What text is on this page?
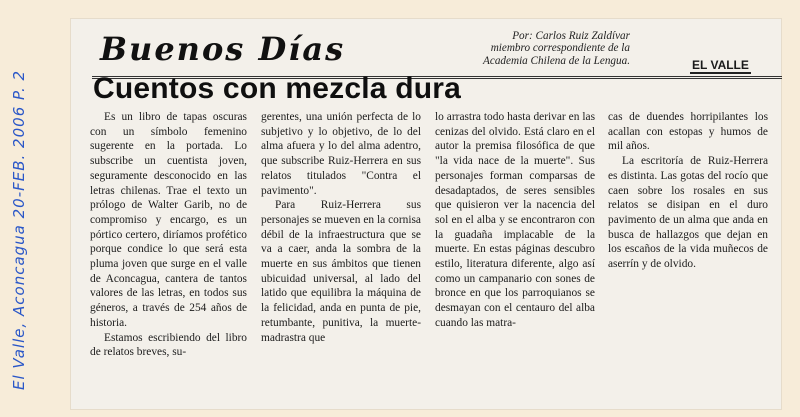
Buenos Días	Por: Carlos Ruiz Zaldívar
miembro correspondiente de la
Academia Chilena de la Lengua.	EL VALLE
Cuentos con mezcla dura

Es un libro de tapas oscuras con un símbolo femenino sugerente en la portada. Lo subscribe un cuentista joven, seguramente desconocido en las letras chilenas. Trae el texto un prólogo de Walter Garib, no de compromiso y encargo, es un pórtico certero, diríamos profético porque condice lo que será esta pluma joven que surge en el valle de Aconcagua, cantera de tantos valores de las letras, en todos sus géneros, a través de 254 años de historia.

Estamos escribiendo del libro de relatos breves, su-

gerentes, una unión perfecta de lo subjetivo y lo objetivo, de lo del alma afuera y lo del alma adentro, que subscribe Ruiz-Herrera en sus relatos titulados "Contra el pavimento".

Para Ruiz-Herrera sus personajes se mueven en la cornisa débil de la infraestructura que se va a caer, anda la sombra de la muerte en sus ámbitos que tienen ubicuidad universal, al lado del latido que equilibra la máquina de la felicidad, anda en punta de pie, retumbante, punitiva, la muerte-madrastra que

lo arrastra todo hasta derivar en las cenizas del olvido. Está claro en el autor la premisa filosófica de que "la vida nace de la muerte". Sus personajes forman comparsas de desadaptados, de seres sensibles que quisieron ver la nacencia del sol en el alba y se encontraron con la guadaña implacable de la muerte. En estas páginas descubro estilo, literatura diferente, algo así como un campanario con sones de bronce en que los parroquianos se desmayan con el centauro del alba cuando las matra-

cas de duendes horripilantes los acallan con estopas y humos de mil años.

La escritoría de Ruiz-Herrera es distinta. Las gotas del rocío que caen sobre los rosales en sus relatos se disipan en el duro pavimento de un alma que anda en busca de hallazgos que dejan en los escaños de la vida muñecos de aserrín y de olvido.

El Valle, Aconcagua 20-FEB. 2006 P. 2
